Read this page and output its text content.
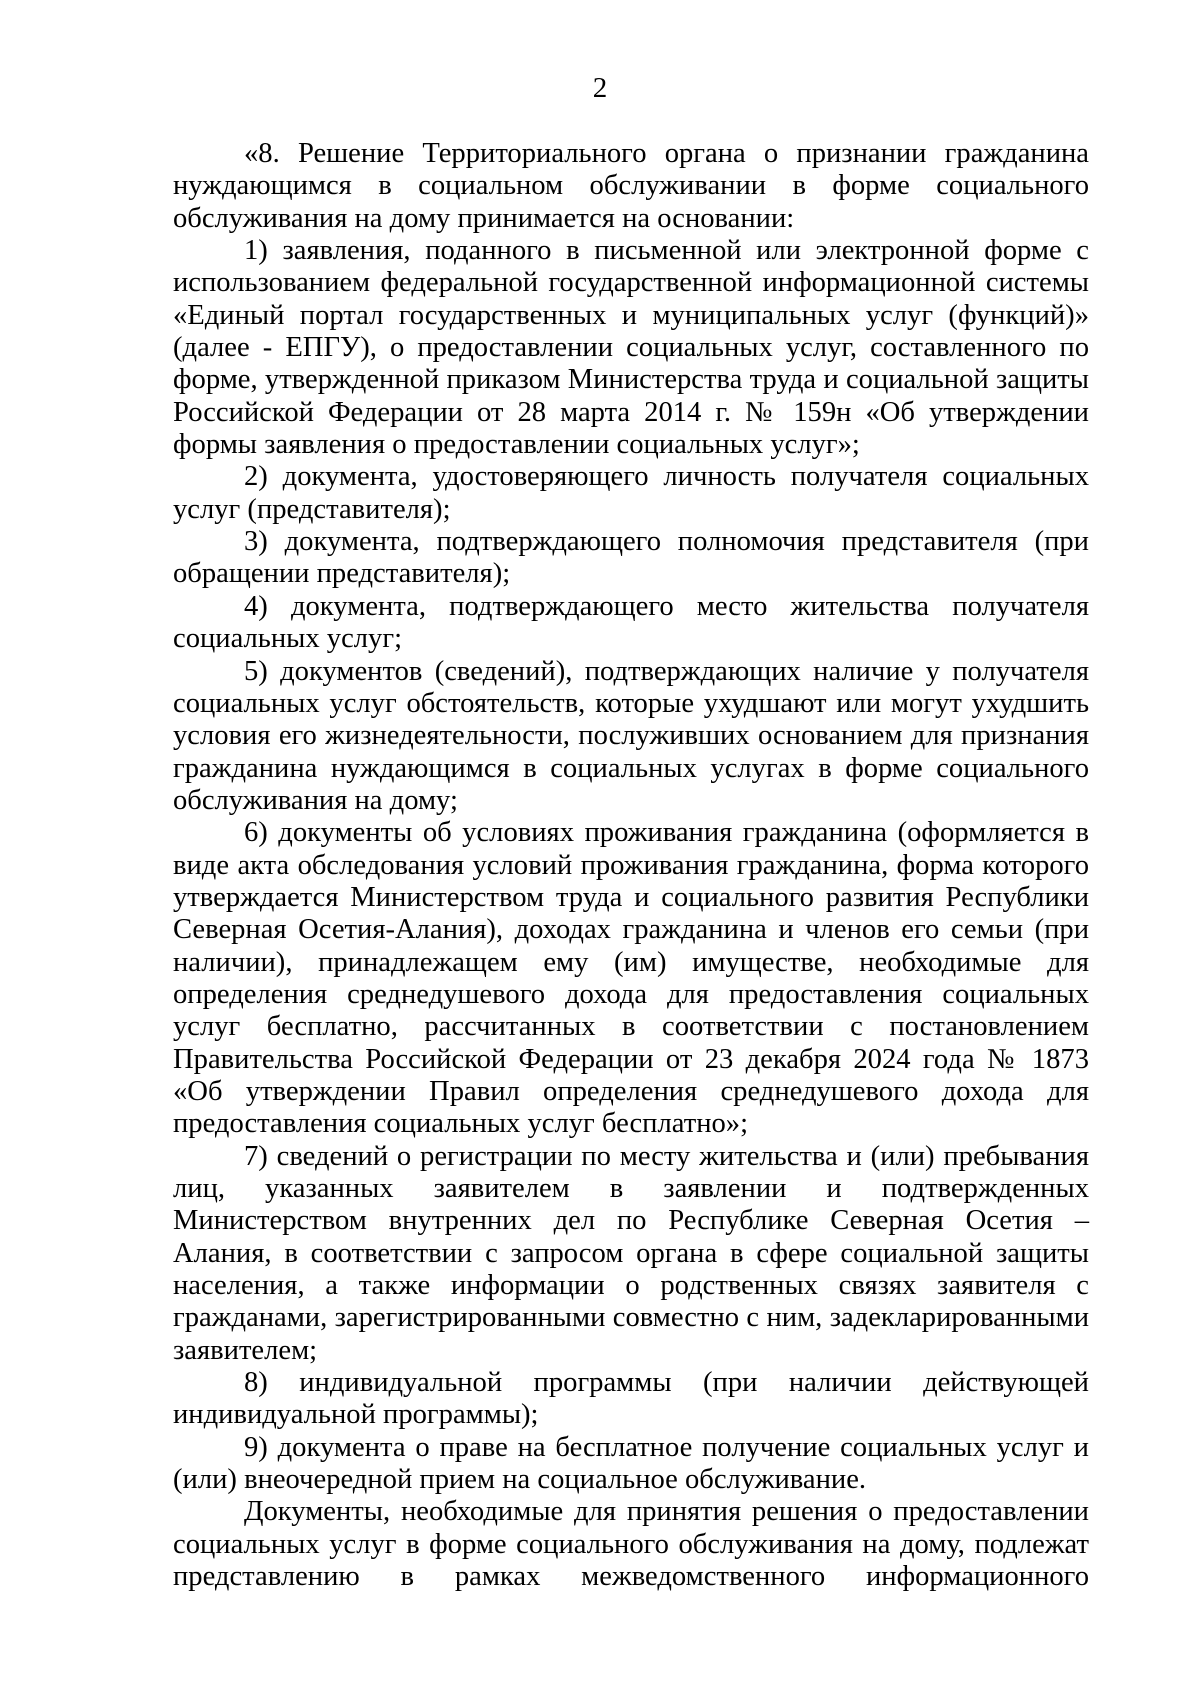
2

«8. Решение Территориального органа о признании гражданина нуждающимся в социальном обслуживании в форме социального обслуживания на дому принимается на основании:

1) заявления, поданного в письменной или электронной форме с использованием федеральной государственной информационной системы «Единый портал государственных и муниципальных услуг (функций)» (далее - ЕПГУ), о предоставлении социальных услуг, составленного по форме, утвержденной приказом Министерства труда и социальной защиты Российской Федерации от 28 марта 2014 г. № 159н «Об утверждении формы заявления о предоставлении социальных услуг»;

2) документа, удостоверяющего личность получателя социальных услуг (представителя);

3) документа, подтверждающего полномочия представителя (при обращении представителя);

4) документа, подтверждающего место жительства получателя социальных услуг;

5) документов (сведений), подтверждающих наличие у получателя социальных услуг обстоятельств, которые ухудшают или могут ухудшить условия его жизнедеятельности, послуживших основанием для признания гражданина нуждающимся в социальных услугах в форме социального обслуживания на дому;

6) документы об условиях проживания гражданина (оформляется в виде акта обследования условий проживания гражданина, форма которого утверждается Министерством труда и социального развития Республики Северная Осетия-Алания), доходах гражданина и членов его семьи (при наличии), принадлежащем ему (им) имуществе, необходимые для определения среднедушевого дохода для предоставления социальных услуг бесплатно, рассчитанных в соответствии с постановлением Правительства Российской Федерации от 23 декабря 2024 года № 1873 «Об утверждении Правил определения среднедушевого дохода для предоставления социальных услуг бесплатно»;

7) сведений о регистрации по месту жительства и (или) пребывания лиц, указанных заявителем в заявлении и подтвержденных Министерством внутренних дел по Республике Северная Осетия – Алания, в соответствии с запросом органа в сфере социальной защиты населения, а также информации о родственных связях заявителя с гражданами, зарегистрированными совместно с ним, задекларированными заявителем;

8) индивидуальной программы (при наличии действующей индивидуальной программы);

9) документа о праве на бесплатное получение социальных услуг и (или) внеочередной прием на социальное обслуживание.

Документы, необходимые для принятия решения о предоставлении социальных услуг в форме социального обслуживания на дому, подлежат представлению в рамках межведомственного информационного
